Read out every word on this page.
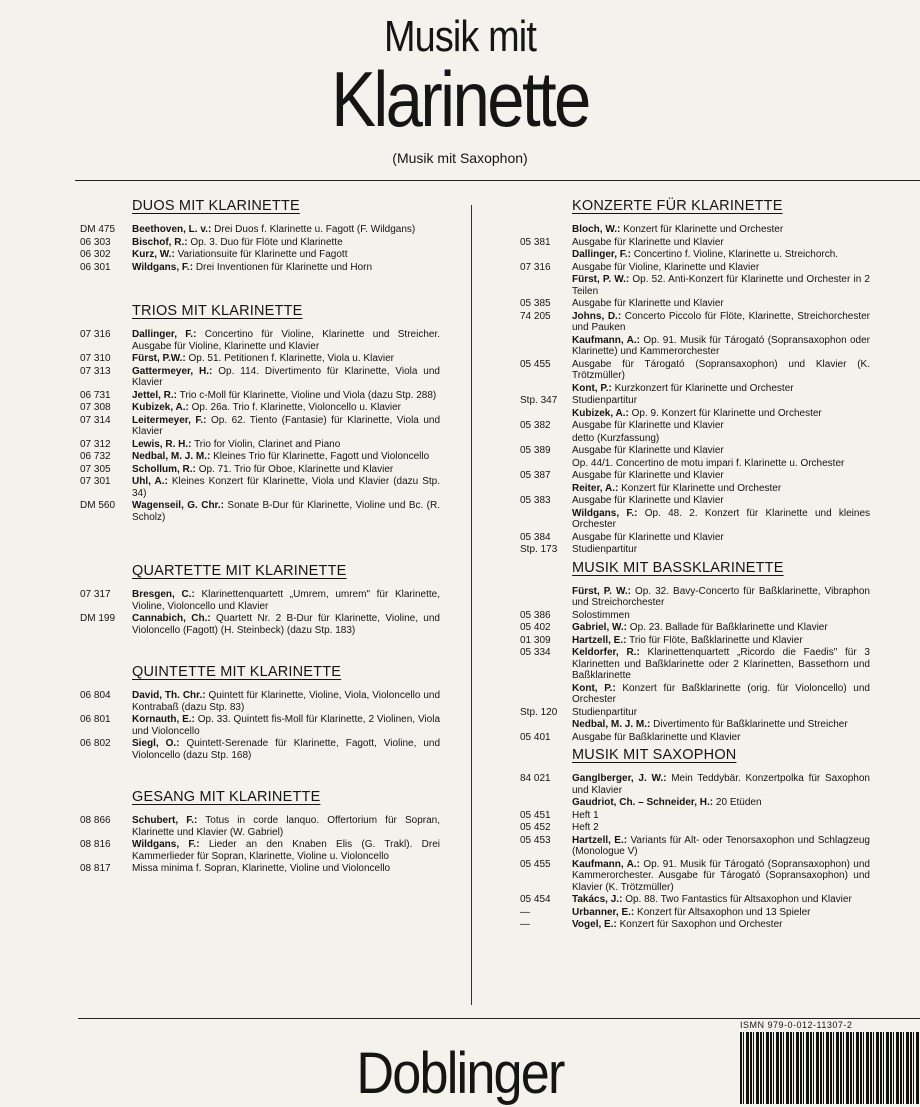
Musik mit
Klarinette
(Musik mit Saxophon)
DUOS MIT KLARINETTE
DM 475	Beethoven, L. v.: Drei Duos f. Klarinette u. Fagott (F. Wildgans)
06 303	Bischof, R.: Op. 3. Duo für Flöte und Klarinette
06 302	Kurz, W.: Variationsuite für Klarinette und Fagott
06 301	Wildgans, F.: Drei Inventionen für Klarinette und Horn
TRIOS MIT KLARINETTE
07 316	Dallinger, F.: Concertino für Violine, Klarinette und Streicher. Ausgabe für Violine, Klarinette und Klavier
07 310	Fürst, P.W.: Op. 51. Petitionen f. Klarinette, Viola u. Klavier
07 313	Gattermeyer, H.: Op. 114. Divertimento für Klarinette, Viola und Klavier
06 731	Jettel, R.: Trio c-Moll für Klarinette, Violine und Viola (dazu Stp. 288)
07 308	Kubizek, A.: Op. 26a. Trio f. Klarinette, Violoncello u. Klavier
07 314	Leitermeyer, F.: Op. 62. Tiento (Fantasie) für Klarinette, Viola und Klavier
07 312	Lewis, R. H.: Trio for Violin, Clarinet and Piano
06 732	Nedbal, M. J. M.: Kleines Trio für Klarinette, Fagott und Violoncello
07 305	Schollum, R.: Op. 71. Trio für Oboe, Klarinette und Klavier
07 301	Uhl, A.: Kleines Konzert für Klarinette, Viola und Klavier (dazu Stp. 34)
DM 560	Wagenseil, G. Chr.: Sonate B-Dur für Klarinette, Violine und Bc. (R. Scholz)
QUARTETTE MIT KLARINETTE
07 317	Bresgen, C.: Klarinettenquartett „Umrem, umrem" für Klarinette, Violine, Violoncello und Klavier
DM 199	Cannabich, Ch.: Quartett Nr. 2 B-Dur für Klarinette, Violine, und Violoncello (Fagott) (H. Steinbeck) (dazu Stp. 183)
QUINTETTE MIT KLARINETTE
06 804	David, Th. Chr.: Quintett für Klarinette, Violine, Viola, Violoncello und Kontrabaß (dazu Stp. 83)
06 801	Kornauth, E.: Op. 33. Quintett fis-Moll für Klarinette, 2 Violinen, Viola und Violoncello
06 802	Siegl, O.: Quintett-Serenade für Klarinette, Fagott, Violine, und Violoncello (dazu Stp. 168)
GESANG MIT KLARINETTE
08 866	Schubert, F.: Totus in corde lanquo. Offertorium für Sopran, Klarinette und Klavier (W. Gabriel)
08 816	Wildgans, F.: Lieder an den Knaben Elis (G. Trakl). Drei Kammerlieder für Sopran, Klarinette, Violine u. Violoncello
08 817	Missa minima f. Sopran, Klarinette, Violine und Violoncello
KONZERTE FÜR KLARINETTE
Bloch, W.: Konzert für Klarinette und Orchester
05 381	Ausgabe für Klarinette und Klavier
Dallinger, F.: Concertino f. Violine, Klarinette u. Streichorch.
07 316	Ausgabe für Violine, Klarinette und Klavier
Fürst, P. W.: Op. 52. Anti-Konzert für Klarinette und Orchester in 2 Teilen
05 385	Ausgabe für Klarinette und Klavier
74 205	Johns, D.: Concerto Piccolo für Flöte, Klarinette, Streichorchester und Pauken
Kaufmann, A.: Op. 91. Musik für Tárogató (Sopransaxophon oder Klarinette) und Kammerorchester
05 455	Ausgabe für Tárogató (Sopransaxophon) und Klavier (K. Trötzmüller)
Kont, P.: Kurzkonzert für Klarinette und Orchester
Stp. 347	Studienpartitur
Kubizek, A.: Op. 9. Konzert für Klarinette und Orchester
05 382	Ausgabe für Klarinette und Klavier
detto (Kurzfassung)
05 389	Ausgabe für Klarinette und Klavier
Op. 44/1. Concertino de motu impari f. Klarinette u. Orchester
05 387	Ausgabe für Klarinette und Klavier
Reiter, A.: Konzert für Klarinette und Orchester
05 383	Ausgabe für Klarinette und Klavier
Wildgans, F.: Op. 48. 2. Konzert für Klarinette und kleines Orchester
05 384	Ausgabe für Klarinette und Klavier
Stp. 173	Studienpartitur
MUSIK MIT BASSKLARINETTE
Fürst, P. W.: Op. 32. Bavy-Concerto für Baßklarinette, Vibraphon und Streichorchester
05 386	Solostimmen
05 402	Gabriel, W.: Op. 23. Ballade für Baßklarinette und Klavier
01 309	Hartzell, E.: Trio für Flöte, Baßklarinette und Klavier
05 334	Keldorfer, R.: Klarinettenquartett „Ricordo die Faedis" für 3 Klarinetten und Baßklarinette oder 2 Klarinetten, Bassethorn und Baßklarinette
Kont, P.: Konzert für Baßklarinette (orig. für Violoncello) und Orchester
Stp. 120	Studienpartitur
Nedbal, M. J. M.: Divertimento für Baßklarinette und Streicher
05 401	Ausgabe für Baßklarinette und Klavier
MUSIK MIT SAXOPHON
84 021	Ganglberger, J. W.: Mein Teddybär. Konzertpolka für Saxophon und Klavier
Gaudriot, Ch. – Schneider, H.: 20 Etüden
05 451	Heft 1
05 452	Heft 2
05 453	Hartzell, E.: Variants für Alt- oder Tenorsaxophon und Schlagzeug (Monologue V)
05 455	Kaufmann, A.: Op. 91. Musik für Tárogató (Sopransaxophon) und Kammerorchester. Ausgabe für Tárogató (Sopransaxophon) und Klavier (K. Trötzmüller)
05 454	Takács, J.: Op. 88. Two Fantastics für Altsaxophon und Klavier
—	Urbanner, E.: Konzert für Altsaxophon und 13 Spieler
—	Vogel, E.: Konzert für Saxophon und Orchester
ISMN 979-0-012-11307-2
Doblinger
